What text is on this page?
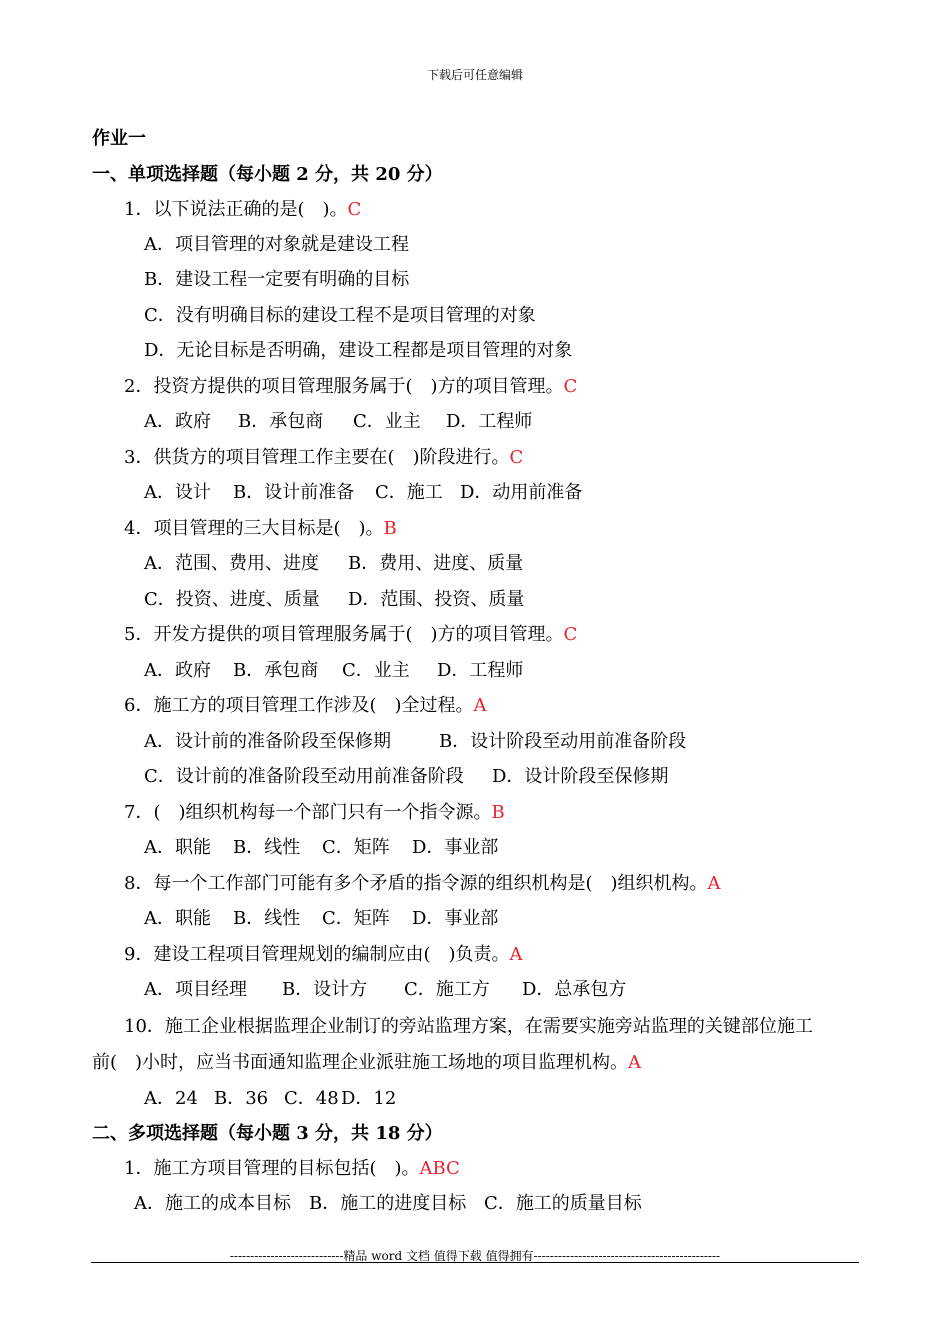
下载后可任意编辑
作业一
一、单项选择题（每小题 2 分，共 20 分）
1．以下说法正确的是(　)。C
A．项目管理的对象就是建设工程
B．建设工程一定要有明确的目标
C．没有明确目标的建设工程不是项目管理的对象
D．无论目标是否明确，建设工程都是项目管理的对象
2．投资方提供的项目管理服务属于(　)方的项目管理。C
A．政府 B．承包商 C．业主 D．工程师
3．供货方的项目管理工作主要在(　)阶段进行。C
A．设计 B．设计前准备 C．施工 D．动用前准备
4．项目管理的三大目标是(　)。B
A．范围、费用、进度 B．费用、进度、质量
C．投资、进度、质量 D．范围、投资、质量
5．开发方提供的项目管理服务属于(　)方的项目管理。C
A．政府 B．承包商 C．业主 D．工程师
6．施工方的项目管理工作涉及(　)全过程。A
A．设计前的准备阶段至保修期	B．设计阶段至动用前准备阶段
C．设计前的准备阶段至动用前准备阶段 D．设计阶段至保修期
7．(　)组织机构每一个部门只有一个指令源。B
A．职能 B．线性 C．矩阵 D．事业部
8．每一个工作部门可能有多个矛盾的指令源的组织机构是(　)组织机构。A
A．职能 B．线性 C．矩阵 D．事业部
9．建设工程项目管理规划的编制应由(　)负责。A
A．项目经理 B．设计方 C．施工方 D．总承包方
10．施工企业根据监理企业制订的旁站监理方案，在需要实施旁站监理的关键部位施工
前(　)小时，应当书面通知监理企业派驻施工场地的项目监理机构。A
A．24 B．36 C．48 D．12
二、多项选择题（每小题 3 分，共 18 分）
1．施工方项目管理的目标包括(　)。ABC
A．施工的成本目标 B．施工的进度目标 C．施工的质量目标
----------------------------精品 word 文档 值得下载 值得拥有----------------------------------------------
